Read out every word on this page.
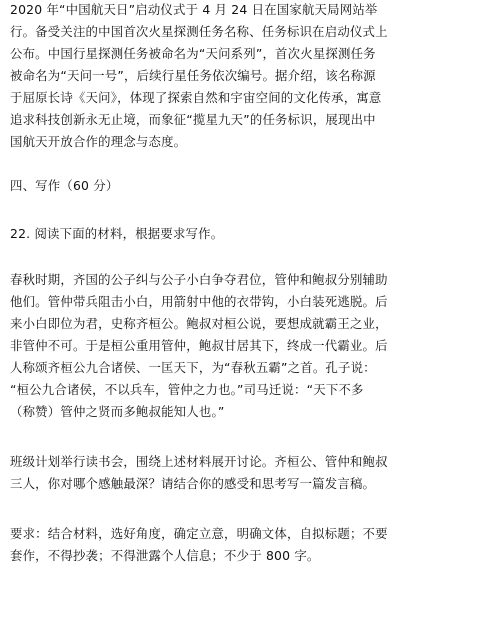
2020 年“中国航天日”启动仪式于 4 月 24 日在国家航天局网站举
行。备受关注的中国首次火星探测任务名称、任务标识在启动仪式上
公布。中国行星探测任务被命名为“天问系列”，首次火星探测任务
被命名为“天问一号”，后续行星任务依次编号。据介绍，该名称源
于屈原长诗《天问》，体现了探索自然和宇宙空间的文化传承，寓意
追求科技创新永无止境，而象征“揽星九天”的任务标识，展现出中
国航天开放合作的理念与态度。
四、写作（60 分）
22. 阅读下面的材料，根据要求写作。
春秋时期，齐国的公子纠与公子小白争夺君位，管仲和鲍叔分别辅助
他们。管仲带兵阻击小白，用箭射中他的衣带钩，小白装死逃脱。后
来小白即位为君，史称齐桓公。鲍叔对桓公说，要想成就霸王之业，
非管仲不可。于是桓公重用管仲，鲍叔甘居其下，终成一代霸业。后
人称颂齐桓公九合诸侯、一匡天下，为“春秋五霸”之首。孔子说：
“桓公九合诸侯，不以兵车，管仲之力也。”司马迁说：“天下不多
（称赞）管仲之贤而多鲍叔能知人也。”
班级计划举行读书会，围绕上述材料展开讨论。齐桓公、管仲和鲍叔
三人，你对哪个感触最深？请结合你的感受和思考写一篇发言稿。
要求：结合材料，选好角度，确定立意，明确文体，自拟标题；不要
套作，不得抄袭；不得泄露个人信息；不少于 800 字。
